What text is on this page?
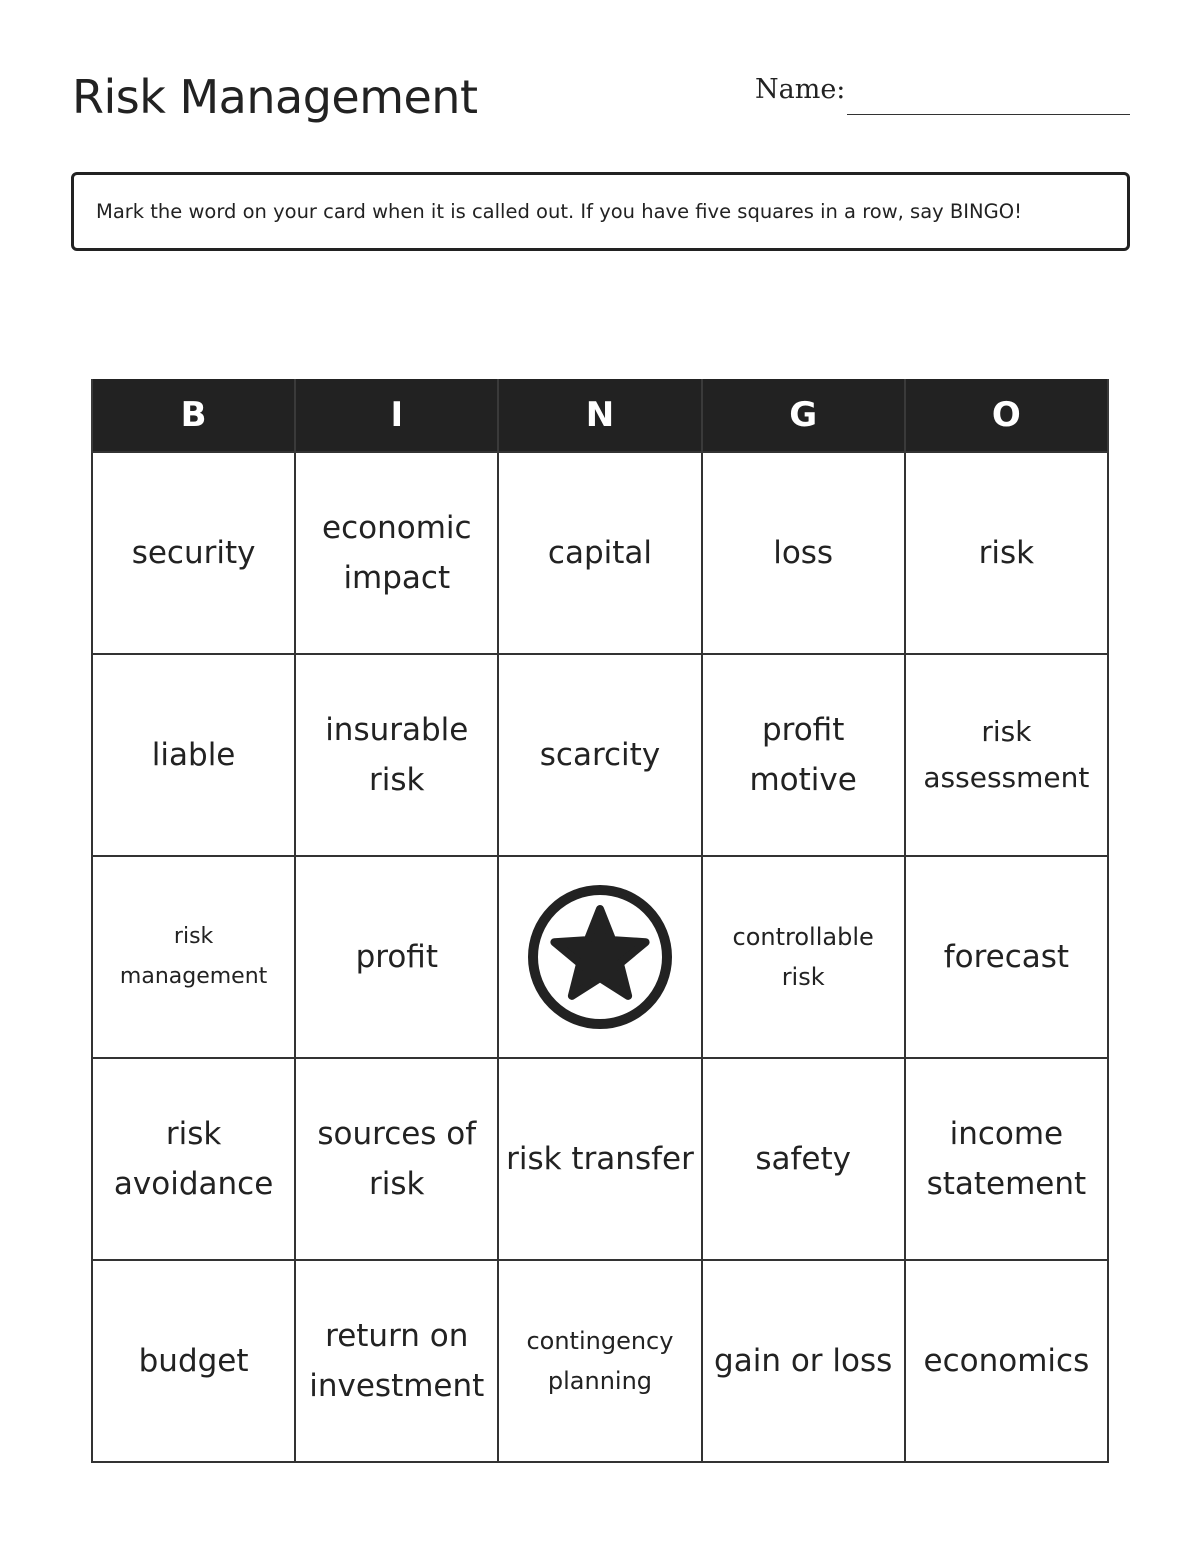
Risk Management	Name:
Mark the word on your card when it is called out. If you have five squares in a row, say BINGO!
B	I	N	G	O
security	economic impact	capital	loss	risk
liable	insurable risk	scarcity	profit motive	risk assessment
risk management	profit		controllable risk	forecast
risk avoidance	sources of risk	risk transfer	safety	income statement
budget	return on investment	contingency planning	gain or loss	economics
